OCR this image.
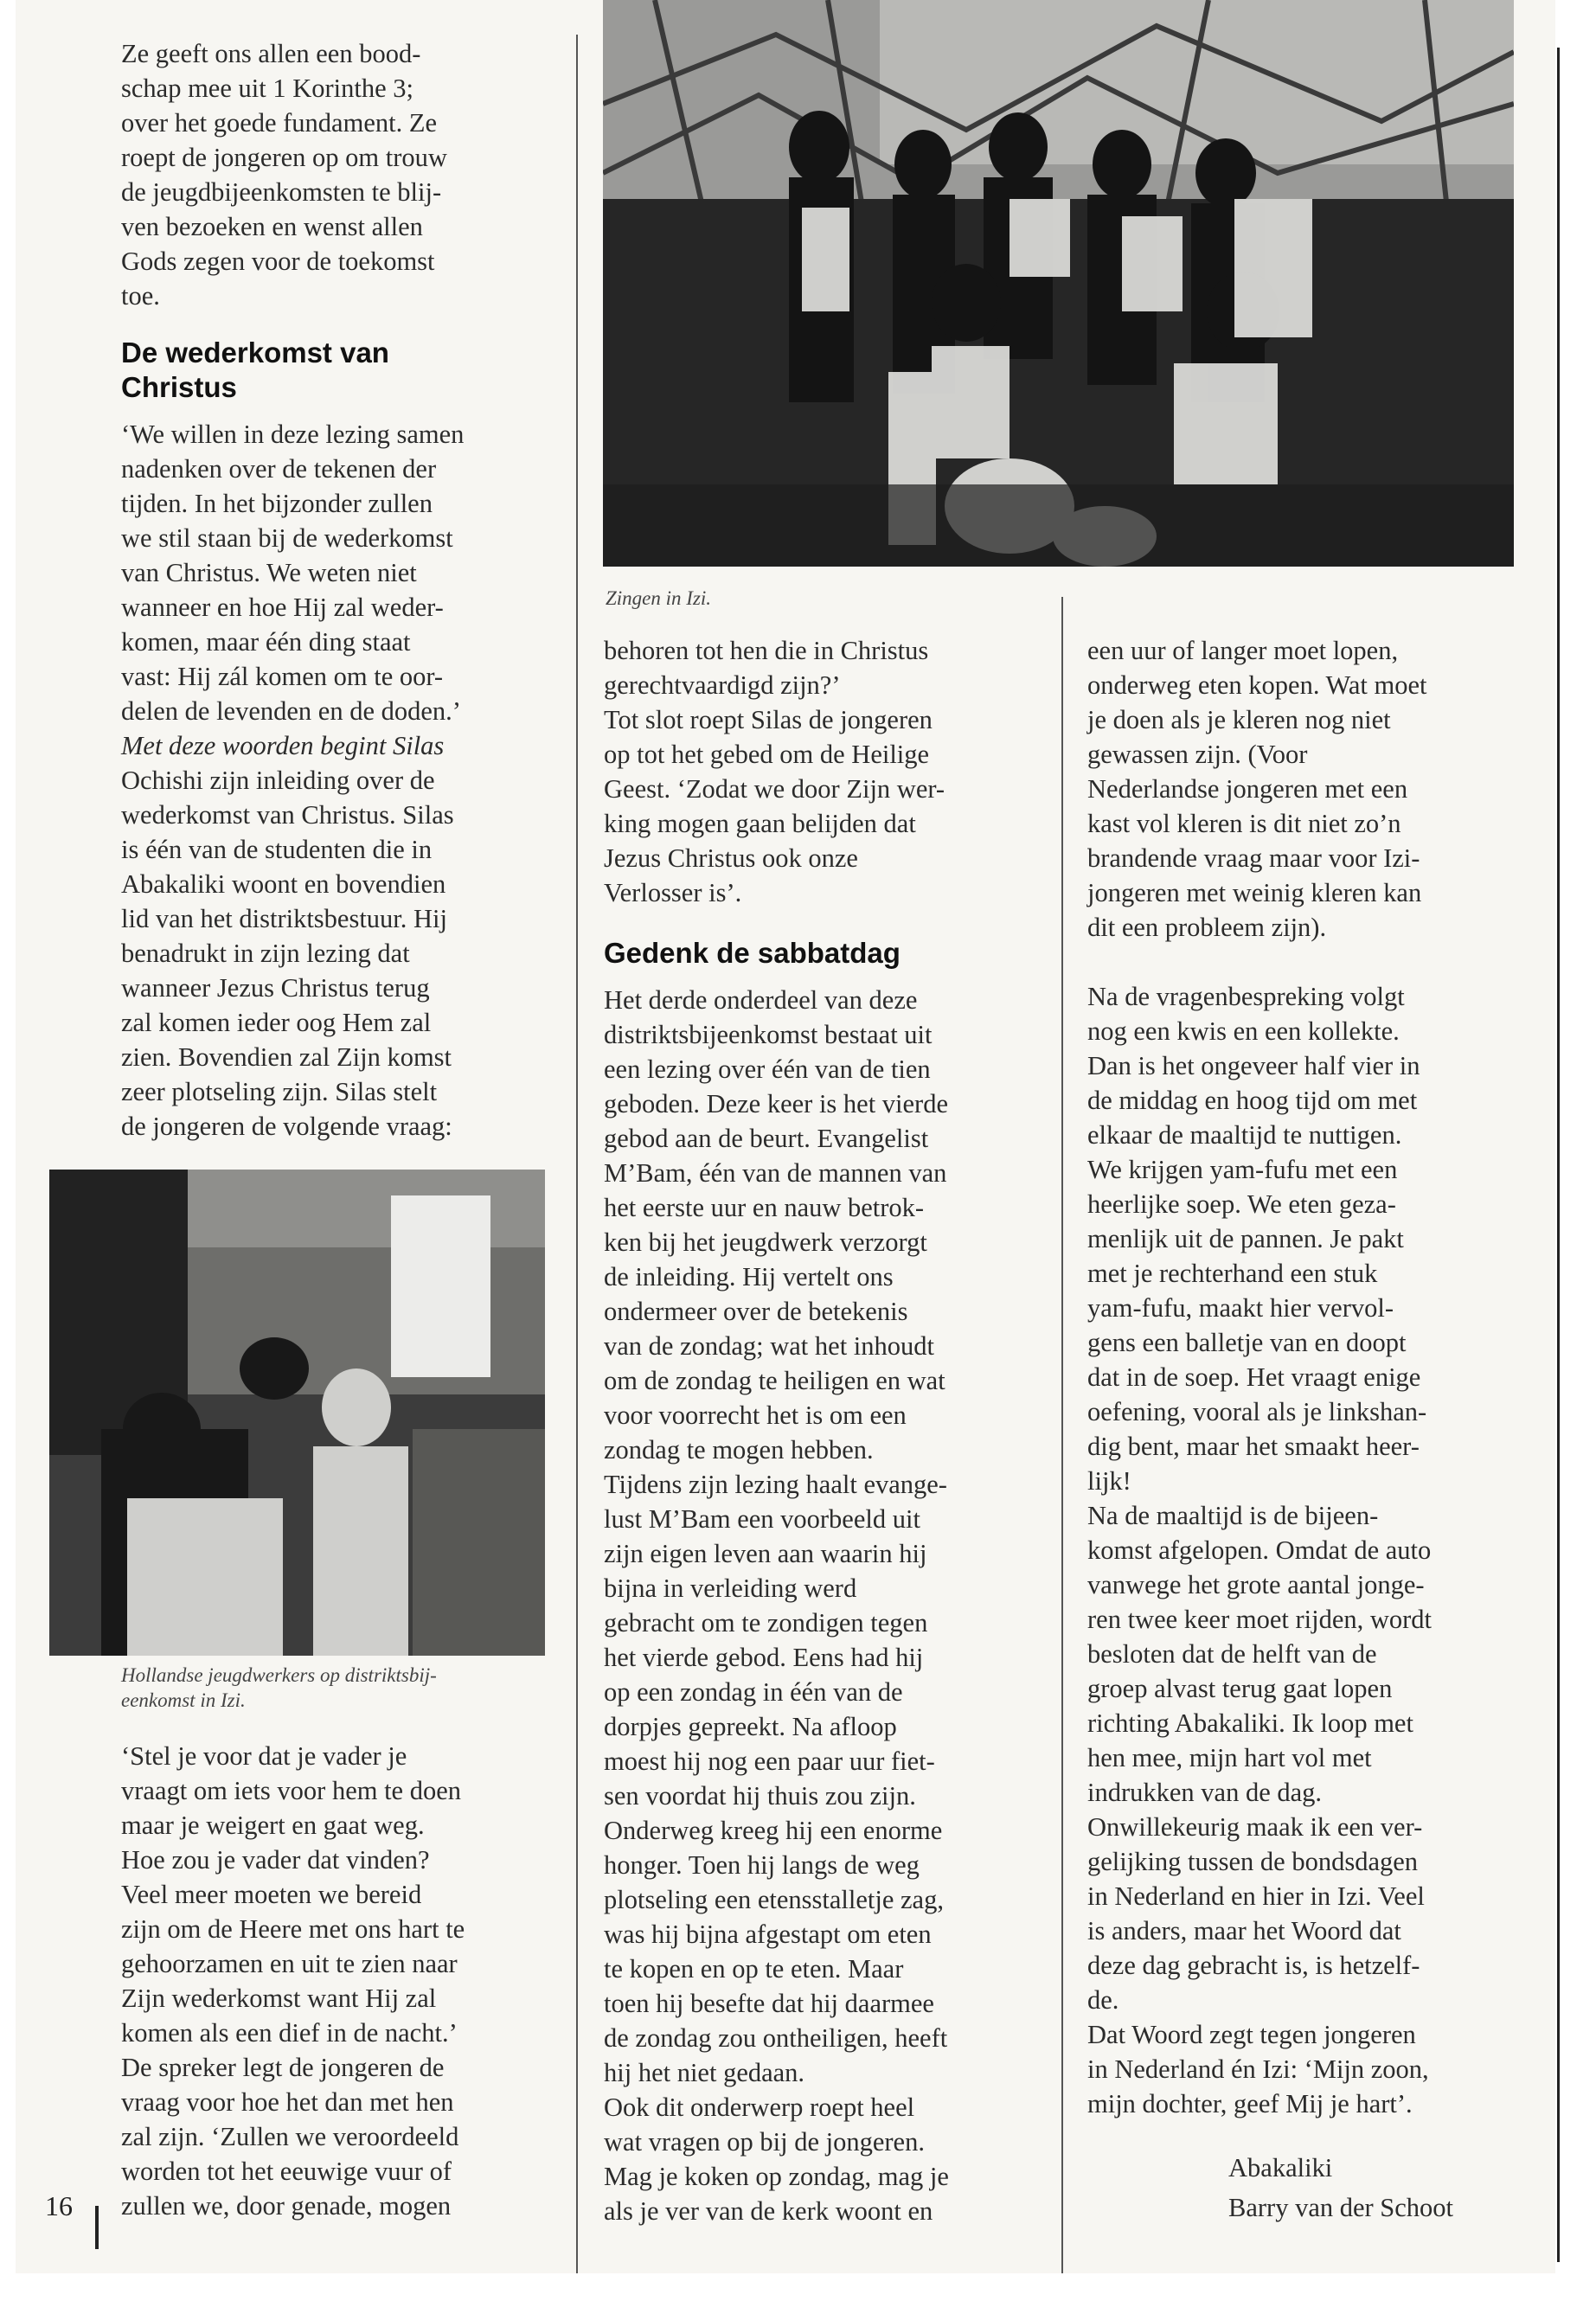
Zingen in Izi.
Hollandse jeugdwerkers op distriktsbij-
eenkomst in Izi.

Ze geeft ons allen een bood-
schap mee uit 1 Korinthe 3;
over het goede fundament. Ze
roept de jongeren op om trouw
de jeugdbijeenkomsten te blij-
ven bezoeken en wenst allen
Gods zegen voor de toekomst
toe.

De wederkomst van
Christus

‘We willen in deze lezing samen
nadenken over de tekenen der
tijden. In het bijzonder zullen
we stil staan bij de wederkomst
van Christus. We weten niet
wanneer en hoe Hij zal weder-
komen, maar één ding staat
vast: Hij zál komen om te oor-
delen de levenden en de doden.’

Met deze woorden begint Silas

Ochishi zijn inleiding over de
wederkomst van Christus. Silas
is één van de studenten die in
Abakaliki woont en bovendien
lid van het distriktsbestuur. Hij
benadrukt in zijn lezing dat
wanneer Jezus Christus terug
zal komen ieder oog Hem zal
zien. Bovendien zal Zijn komst
zeer plotseling zijn. Silas stelt
de jongeren de volgende vraag:

‘Stel je voor dat je vader je
vraagt om iets voor hem te doen
maar je weigert en gaat weg.
Hoe zou je vader dat vinden?
Veel meer moeten we bereid
zijn om de Heere met ons hart te
gehoorzamen en uit te zien naar
Zijn wederkomst want Hij zal
komen als een dief in de nacht.’
De spreker legt de jongeren de
vraag voor hoe het dan met hen
zal zijn. ‘Zullen we veroordeeld
worden tot het eeuwige vuur of
zullen we, door genade, mogen

behoren tot hen die in Christus
gerechtvaardigd zijn?’
Tot slot roept Silas de jongeren
op tot het gebed om de Heilige
Geest. ‘Zodat we door Zijn wer-
king mogen gaan belijden dat
Jezus Christus ook onze
Verlosser is’.

Gedenk de sabbatdag

Het derde onderdeel van deze
distriktsbijeenkomst bestaat uit
een lezing over één van de tien
geboden. Deze keer is het vierde
gebod aan de beurt. Evangelist
M’Bam, één van de mannen van
het eerste uur en nauw betrok-
ken bij het jeugdwerk verzorgt
de inleiding. Hij vertelt ons
ondermeer over de betekenis
van de zondag; wat het inhoudt
om de zondag te heiligen en wat
voor voorrecht het is om een
zondag te mogen hebben.
Tijdens zijn lezing haalt evange-
lust M’Bam een voorbeeld uit
zijn eigen leven aan waarin hij
bijna in verleiding werd
gebracht om te zondigen tegen
het vierde gebod. Eens had hij
op een zondag in één van de
dorpjes gepreekt. Na afloop
moest hij nog een paar uur fiet-
sen voordat hij thuis zou zijn.
Onderweg kreeg hij een enorme
honger. Toen hij langs de weg
plotseling een etensstalletje zag,
was hij bijna afgestapt om eten
te kopen en op te eten. Maar
toen hij besefte dat hij daarmee
de zondag zou ontheiligen, heeft
hij het niet gedaan.
Ook dit onderwerp roept heel
wat vragen op bij de jongeren.
Mag je koken op zondag, mag je
als je ver van de kerk woont en

een uur of langer moet lopen,
onderweg eten kopen. Wat moet
je doen als je kleren nog niet
gewassen zijn. (Voor
Nederlandse jongeren met een
kast vol kleren is dit niet zo’n
brandende vraag maar voor Izi-
jongeren met weinig kleren kan
dit een probleem zijn).

Na de vragenbespreking volgt
nog een kwis en een kollekte.
Dan is het ongeveer half vier in
de middag en hoog tijd om met
elkaar de maaltijd te nuttigen.
We krijgen yam-fufu met een
heerlijke soep. We eten geza-
menlijk uit de pannen. Je pakt
met je rechterhand een stuk
yam-fufu, maakt hier vervol-
gens een balletje van en doopt
dat in de soep. Het vraagt enige
oefening, vooral als je linkshan-
dig bent, maar het smaakt heer-
lijk!
Na de maaltijd is de bijeen-
komst afgelopen. Omdat de auto
vanwege het grote aantal jonge-
ren twee keer moet rijden, wordt
besloten dat de helft van de
groep alvast terug gaat lopen
richting Abakaliki. Ik loop met
hen mee, mijn hart vol met
indrukken van de dag.
Onwillekeurig maak ik een ver-
gelijking tussen de bondsdagen
in Nederland en hier in Izi. Veel
is anders, maar het Woord dat
deze dag gebracht is, is hetzelf-
de.
Dat Woord zegt tegen jongeren
in Nederland én Izi: ‘Mijn zoon,
mijn dochter, geef Mij je hart’.

Abakaliki
Barry van der Schoot
16
